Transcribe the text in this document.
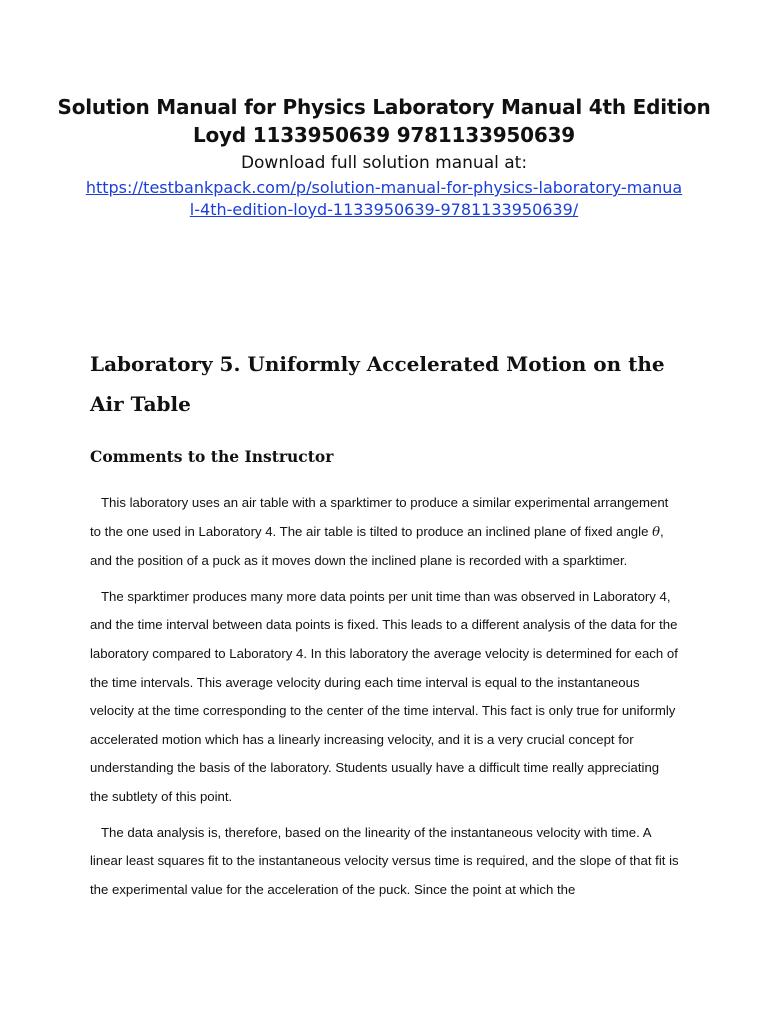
Solution Manual for Physics Laboratory Manual 4th Edition Loyd 1133950639 9781133950639
Download full solution manual at:
https://testbankpack.com/p/solution-manual-for-physics-laboratory-manual-4th-edition-loyd-1133950639-9781133950639/
Laboratory 5. Uniformly Accelerated Motion on the Air Table
Comments to the Instructor

This laboratory uses an air table with a sparktimer to produce a similar experimental arrangement to the one used in Laboratory 4. The air table is tilted to produce an inclined plane of fixed angle θ, and the position of a puck as it moves down the inclined plane is recorded with a sparktimer.

The sparktimer produces many more data points per unit time than was observed in Laboratory 4, and the time interval between data points is fixed. This leads to a different analysis of the data for the laboratory compared to Laboratory 4. In this laboratory the average velocity is determined for each of the time intervals. This average velocity during each time interval is equal to the instantaneous velocity at the time corresponding to the center of the time interval. This fact is only true for uniformly accelerated motion which has a linearly increasing velocity, and it is a very crucial concept for understanding the basis of the laboratory. Students usually have a difficult time really appreciating the subtlety of this point.

The data analysis is, therefore, based on the linearity of the instantaneous velocity with time. A linear least squares fit to the instantaneous velocity versus time is required, and the slope of that fit is the experimental value for the acceleration of the puck. Since the point at which the
